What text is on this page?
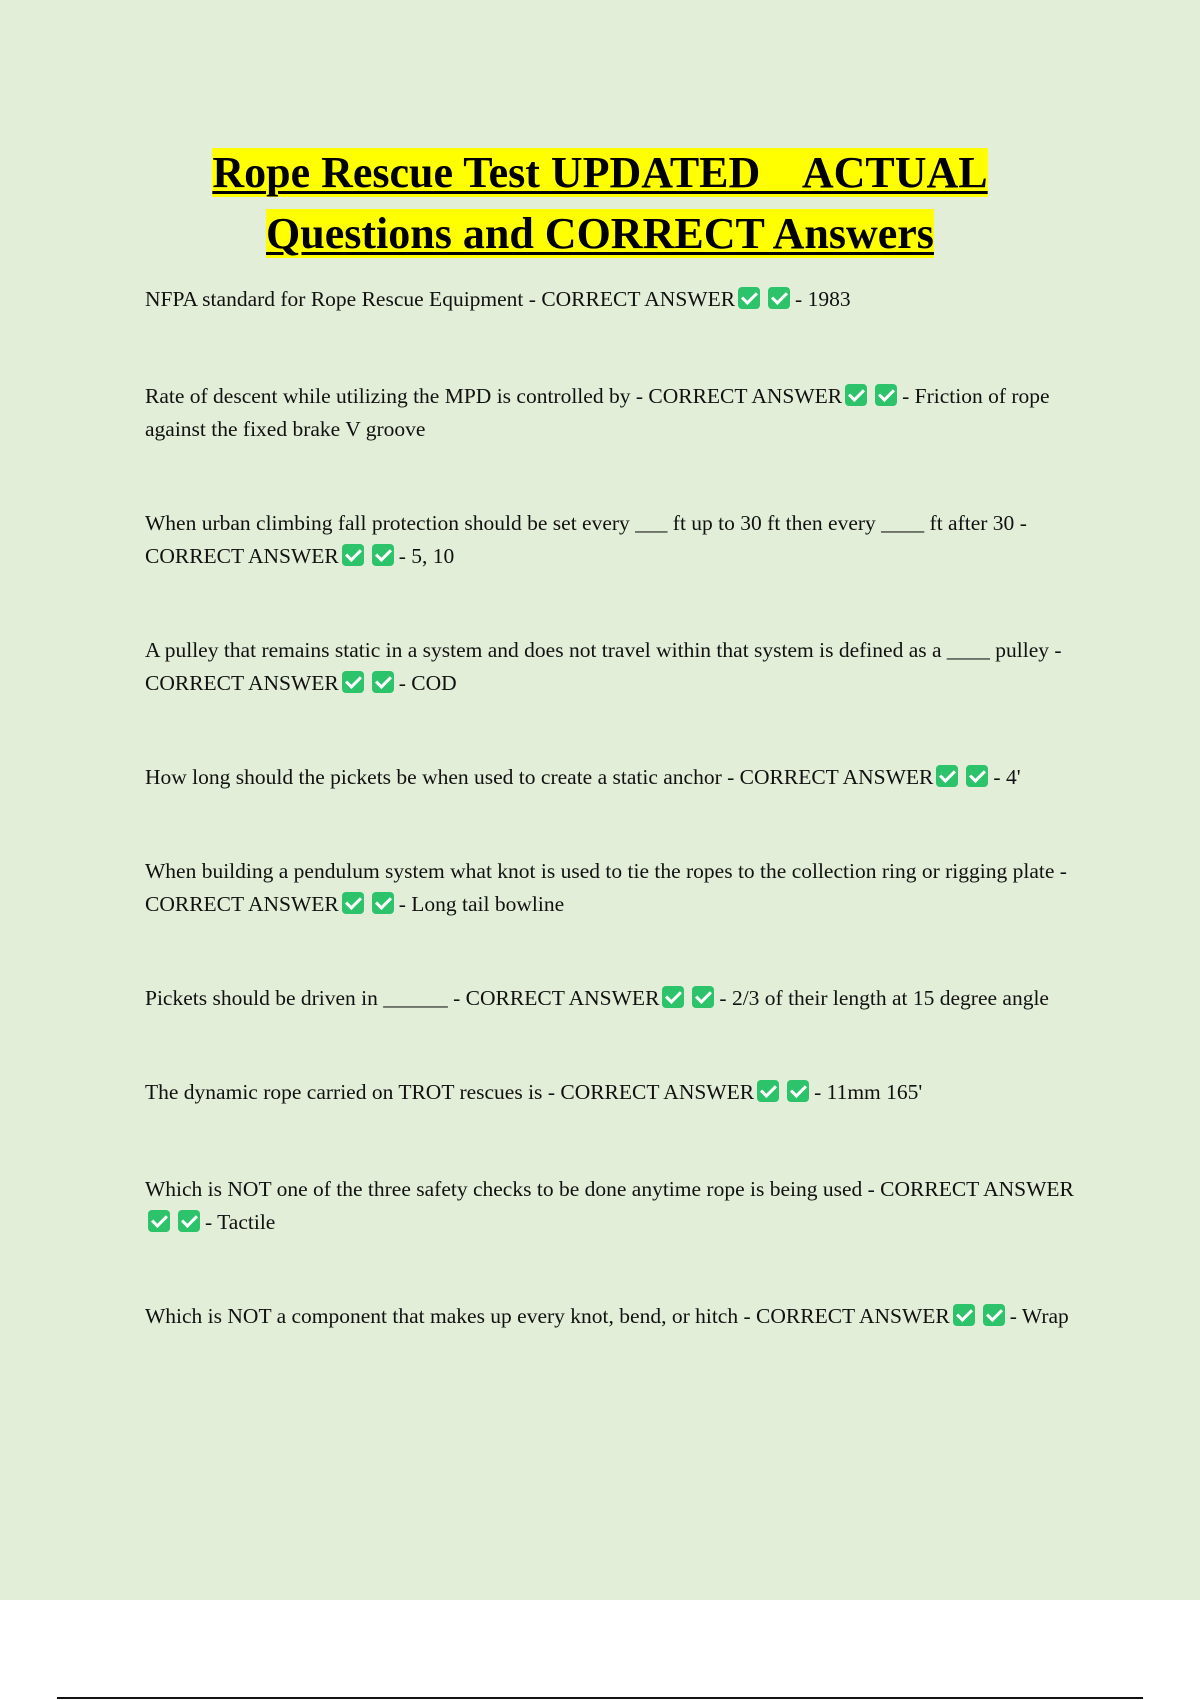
Rope Rescue Test UPDATED    ACTUAL
Questions and CORRECT Answers
NFPA standard for Rope Rescue Equipment - CORRECT ANSWER	- 1983
Rate of descent while utilizing the MPD is controlled by - CORRECT ANSWER	- Friction of rope against the fixed brake V groove
When urban climbing fall protection should be set every ___ ft up to 30 ft then every ____ ft after 30 - CORRECT ANSWER	- 5, 10
A pulley that remains static in a system and does not travel within that system is defined as a ____ pulley - CORRECT ANSWER	- COD
How long should the pickets be when used to create a static anchor - CORRECT ANSWER	- 4'
When building a pendulum system what knot is used to tie the ropes to the collection ring or rigging plate - CORRECT ANSWER	- Long tail bowline
Pickets should be driven in ______ - CORRECT ANSWER	- 2/3 of their length at 15 degree angle
The dynamic rope carried on TROT rescues is - CORRECT ANSWER	- 11mm 165'
Which is NOT one of the three safety checks to be done anytime rope is being used - CORRECT ANSWER- Tactile
Which is NOT a component that makes up every knot, bend, or hitch - CORRECT ANSWER	- Wrap
